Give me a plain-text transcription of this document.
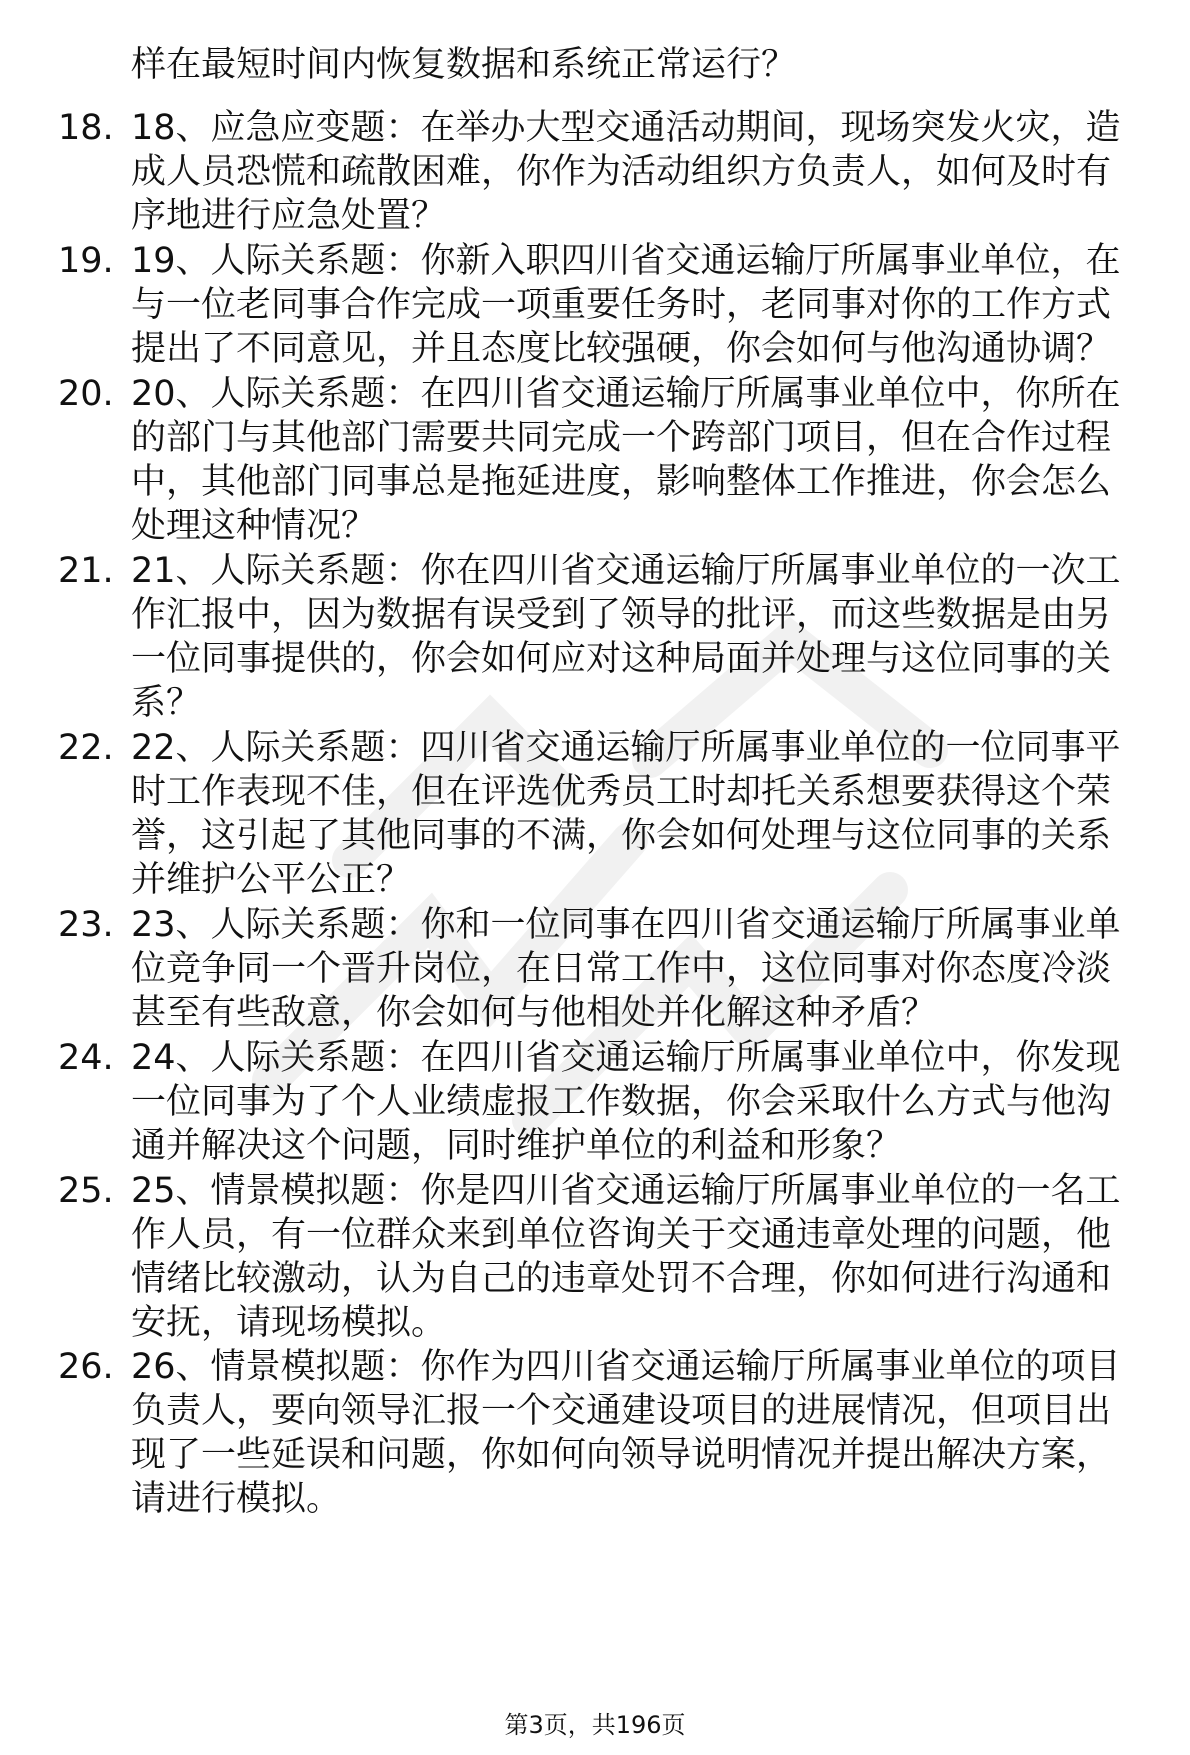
样在最短时间内恢复数据和系统正常运行？
18. 18、应急应变题：在举办大型交通活动期间，现场突发火灾，造
成人员恐慌和疏散困难，你作为活动组织方负责人，如何及时有
序地进行应急处置？
19. 19、人际关系题：你新入职四川省交通运输厅所属事业单位，在
与一位老同事合作完成一项重要任务时，老同事对你的工作方式
提出了不同意见，并且态度比较强硬，你会如何与他沟通协调？
20. 20、人际关系题：在四川省交通运输厅所属事业单位中，你所在
的部门与其他部门需要共同完成一个跨部门项目，但在合作过程
中，其他部门同事总是拖延进度，影响整体工作推进，你会怎么
处理这种情况？
21. 21、人际关系题：你在四川省交通运输厅所属事业单位的一次工
作汇报中，因为数据有误受到了领导的批评，而这些数据是由另
一位同事提供的，你会如何应对这种局面并处理与这位同事的关
系？
22. 22、人际关系题：四川省交通运输厅所属事业单位的一位同事平
时工作表现不佳，但在评选优秀员工时却托关系想要获得这个荣
誉，这引起了其他同事的不满，你会如何处理与这位同事的关系
并维护公平公正？
23. 23、人际关系题：你和一位同事在四川省交通运输厅所属事业单
位竞争同一个晋升岗位，在日常工作中，这位同事对你态度冷淡
甚至有些敌意，你会如何与他相处并化解这种矛盾？
24. 24、人际关系题：在四川省交通运输厅所属事业单位中，你发现
一位同事为了个人业绩虚报工作数据，你会采取什么方式与他沟
通并解决这个问题，同时维护单位的利益和形象？
25. 25、情景模拟题：你是四川省交通运输厅所属事业单位的一名工
作人员，有一位群众来到单位咨询关于交通违章处理的问题，他
情绪比较激动，认为自己的违章处罚不合理，你如何进行沟通和
安抚，请现场模拟。
26. 26、情景模拟题：你作为四川省交通运输厅所属事业单位的项目
负责人，要向领导汇报一个交通建设项目的进展情况，但项目出
现了一些延误和问题，你如何向领导说明情况并提出解决方案，
请进行模拟。
第3页，共196页
